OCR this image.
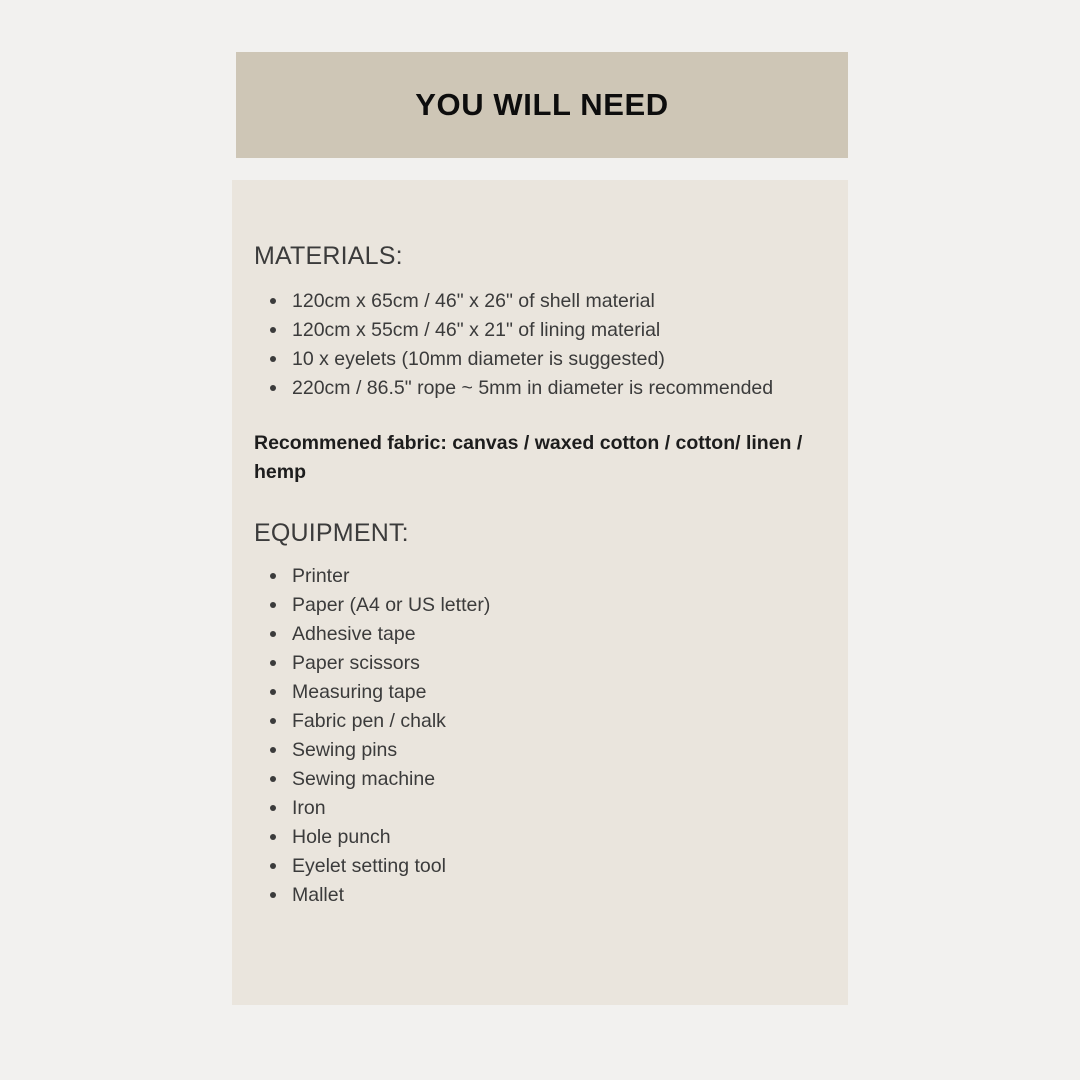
YOU WILL NEED
MATERIALS:
120cm x 65cm / 46" x 26" of shell material
120cm x 55cm / 46" x 21" of lining material
10 x eyelets (10mm diameter is suggested)
220cm / 86.5" rope ~ 5mm in diameter is recommended

Recommened fabric: canvas / waxed cotton / cotton/ linen / hemp

EQUIPMENT:
Printer
Paper (A4 or US letter)
Adhesive tape
Paper scissors
Measuring tape
Fabric pen / chalk
Sewing pins
Sewing machine
Iron
Hole punch
Eyelet setting tool
Mallet
